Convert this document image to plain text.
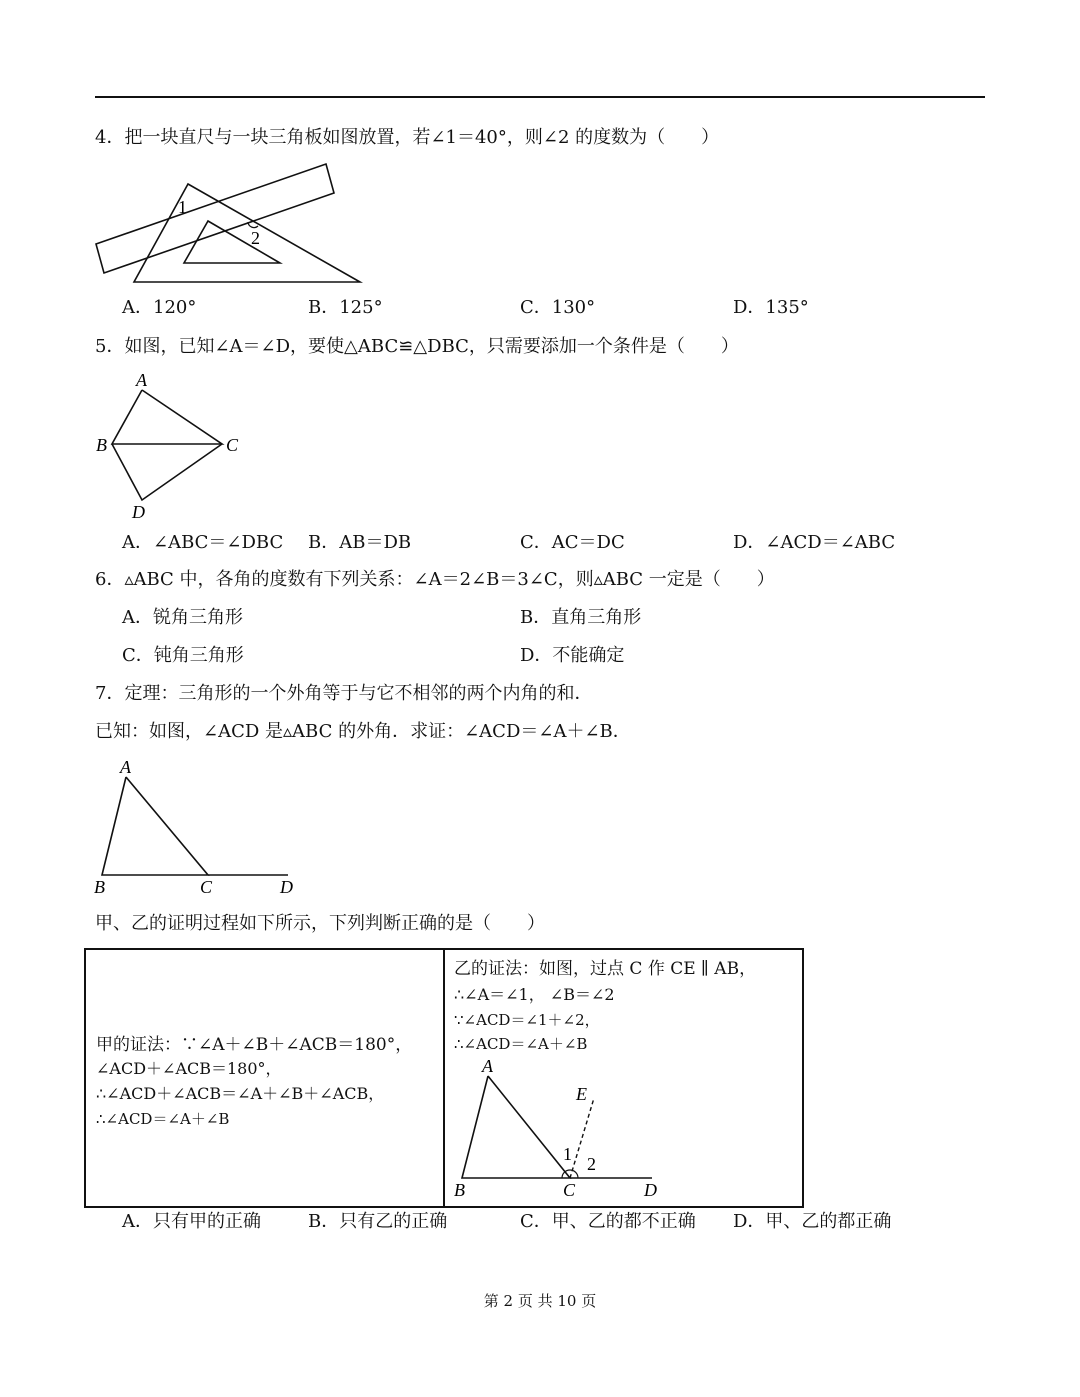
4．把一块直尺与一块三角板如图放置，若∠1＝40°，则∠2 的度数为（　　）
1
2
A．120°	B．125°	C．130°	D．135°
5．如图，已知∠A＝∠D，要使△ABC≌△DBC，只需要添加一个条件是（　　）
A
B	C
D
A．∠ABC＝∠DBC B．AB＝DB	C．AC＝DC	D．∠ACD＝∠ABC
6．▵ABC 中，各角的度数有下列关系：∠A＝2∠B＝3∠C，则▵ABC 一定是（　　）
A．锐角三角形	B．直角三角形
C．钝角三角形	D．不能确定
7．定理：三角形的一个外角等于与它不相邻的两个内角的和．
已知：如图，∠ACD 是▵ABC 的外角．求证：∠ACD＝∠A＋∠B．
A
B	C	D
甲、乙的证明过程如下所示，下列判断正确的是（　　）
甲的证法：∵∠A＋∠B＋∠ACB＝180°，
∠ACD＋∠ACB＝180°，
∴∠ACD＋∠ACB＝∠A＋∠B＋∠ACB，
∴∠ACD＝∠A＋∠B
乙的证法：如图，过点 C 作 CE ∥ AB，
∴∠A＝∠1， ∠B＝∠2
∵∠ACD＝∠1＋∠2，
∴∠ACD＝∠A＋∠B
A
E
1 2
B	C	D
A．只有甲的正确	B．只有乙的正确	C．甲、乙的都不正确 D．甲、乙的都正确
第 2 页 共 10 页
